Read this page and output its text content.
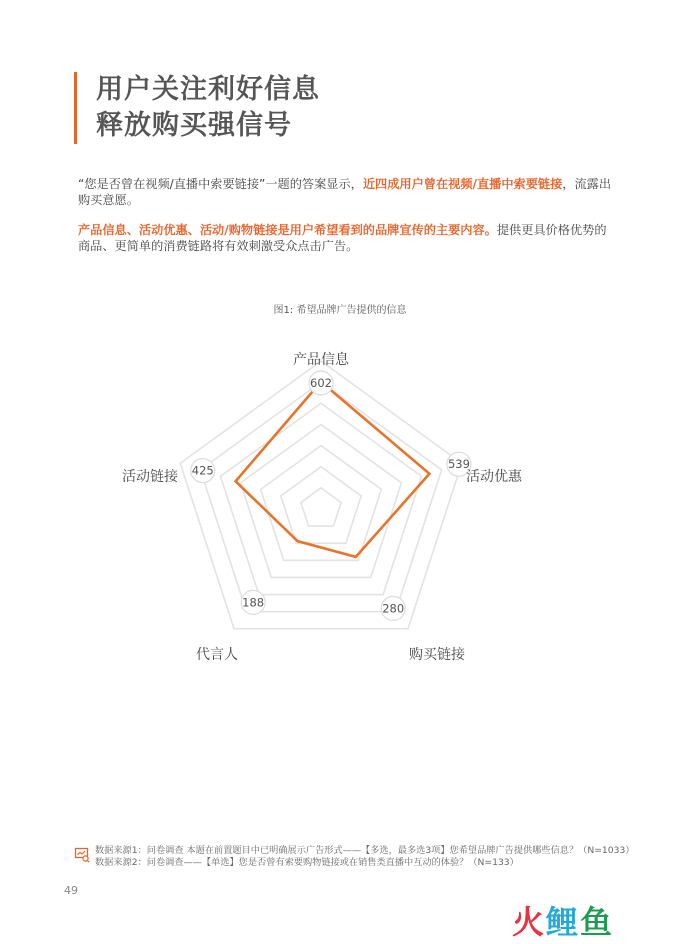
用户关注利好信息
释放购买强信号
“您是否曾在视频/直播中索要链接”一题的答案显示，近四成用户曾在视频/直播中索要链接，流露出购买意愿。
产品信息、活动优惠、活动/购物链接是用户希望看到的品牌宣传的主要内容。提供更具价格优势的商品、更简单的消费链路将有效刺激受众点击广告。
图1: 希望品牌广告提供的信息
602
539
280
188
425
产品信息
活动优惠
购买链接
代言人
活动链接
数据来源1：问卷调查 本题在前置题目中已明确展示广告形式——【多选，最多选3项】您希望品牌广告提供哪些信息？（N=1033）
数据来源2：问卷调查——【单选】您是否曾有索要购物链接或在销售类直播中互动的体验？（N=133）
49
火鲤鱼
